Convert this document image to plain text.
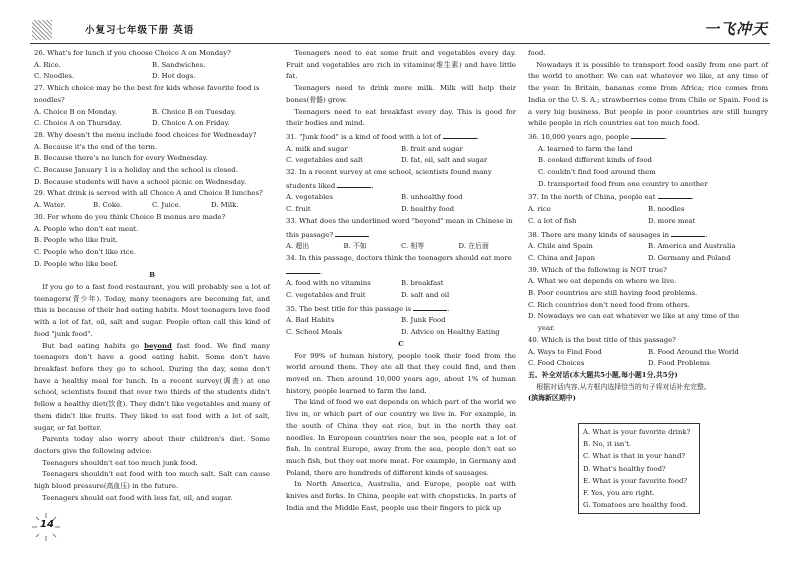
小复习七年级下册 英语	一飞冲天
26. What's for lunch if you choose Choice A on Monday?
A. Rice.	B. Sandwiches.
C. Noodles.	D. Hot dogs.
27. Which choice may be the best for kids whose favorite food is
noodles?
A. Choice B on Monday.	B. Choice B on Tuesday.
C. Choice A on Thursday.	D. Choice A on Friday.
28. Why doesn't the menu include food choices for Wednesday?
A. Because it's the end of the term.
B. Because there's no lunch for every Wednesday.
C. Because January 1 is a holiday and the school is closed.
D. Because students will have a school picnic on Wednesday.
29. What drink is served with all Choice A and Choice B lunches?
A. Water.	B. Coke.	C. Juice.	D. Milk.
30. For whom do you think Choice B menus are made?
A. People who don't eat meat.
B. People who like fruit.
C. People who don't like rice.
D. People who like beef.
B
If you go to a fast food restaurant, you will probably see a lot of teenagers(青少年). Today, many teenagers are becoming fat, and this is because of their bad eating habits. Most teenagers love food with a lot of fat, oil, salt and sugar. People often call this kind of food "junk food".
But bad eating habits go beyond fast food. We find many teenagers don't have a good eating habit. Some don't have breakfast before they go to school. During the day, some don't have a healthy meal for lunch. In a recent survey(调查) at one school, scientists found that over two thirds of the students didn't follow a healthy diet(饮食). They didn't like vegetables and many of them didn't like fruits. They liked to eat food with a lot of salt, sugar, or fat better.
Parents today also worry about their children's diet. Some doctors give the following advice:
Teenagers shouldn't eat too much junk food.
Teenagers shouldn't eat food with too much salt. Salt can cause high blood pressure(高血压) in the future.
Teenagers should eat food with less fat, oil, and sugar.
Teenagers need to eat some fruit and vegetables every day. Fruit and vegetables are rich in vitamins(维生素) and have little fat.
Teenagers need to drink more milk. Milk will help their bones(骨骼) grow.
Teenagers need to eat breakfast every day. This is good for their bodies and mind.
31. "Junk food" is a kind of food with a lot of	.
A. milk and sugar	B. fruit and sugar
C. vegetables and salt	D. fat, oil, salt and sugar
32. In a recent survey at one school, scientists found many
students liked	.
A. vegetables	B. unhealthy food
C. fruit	D. healthy food
33. What does the underlined word "beyond" mean in Chinese in
this passage?
A. 超出	B. 不如	C. 相等	D. 在后面
34. In this passage, doctors think the teenagers should eat more
.
A. food with no vitamins	B. breakfast
C. vegetables and fruit	D. salt and oil
35. The best title for this passage is	.
A. Bad Habits	B. Junk Food
C. School Meals	D. Advice on Healthy Eating
C
For 99% of human history, people took their food from the world around them. They ate all that they could find, and then moved on. Then around 10,000 years ago, about 1% of human history, people learned to farm the land.
The kind of food we eat depends on which part of the world we live in, or which part of our country we live in. For example, in the south of China they eat rice, but in the north they eat noodles. In European countries near the sea, people eat a lot of fish. In central Europe, away from the sea, people don't eat so much fish, but they eat more meat. For example, in Germany and Poland, there are hundreds of different kinds of sausages.
In North America, Australia, and Europe, people eat with knives and forks. In China, people eat with chopsticks. In parts of India and the Middle East, people use their fingers to pick up
food.
Nowadays it is possible to transport food easily from one part of the world to another. We can eat whatever we like, at any time of the year. In Britain, bananas come from Africa; rice comes from India or the U. S. A.; strawberries come from Chile or Spain. Food is a very big business. But people in poor countries are still hungry while people in rich countries eat too much food.
36. 10,000 years ago, people	.
A. learned to farm the land
B. cooked different kinds of food
C. couldn't find food around them
D. transported food from one country to another
37. In the north of China, people eat	.
A. rice	B. noodles
C. a lot of fish	D. more meat
38. There are many kinds of sausages in	.
A. Chile and Spain	B. America and Australia
C. China and Japan	D. Germany and Poland
39. Which of the following is NOT true?
A. What we eat depends on where we live.
B. Poor countries are still having food problems.
C. Rich countries don't need food from others.
D. Nowadays we can eat whatever we like at any time of the
year.
40. Which is the best title of this passage?
A. Ways to Find Food	B. Food Around the World
C. Food Choices	D. Food Problems
五、补全对话(本大题共5小题,每小题1分,共5分)
根据对话内容,从方框内选择恰当的句子将对话补充完整。
(滨海新区期中)
A. What is your favorite drink?
B. No, it isn't.
C. What is that in your hand?
D. What's healthy food?
E. What is your favorite food?
F. Yes, you are right.
G. Tomatoes are healthy food.
14
